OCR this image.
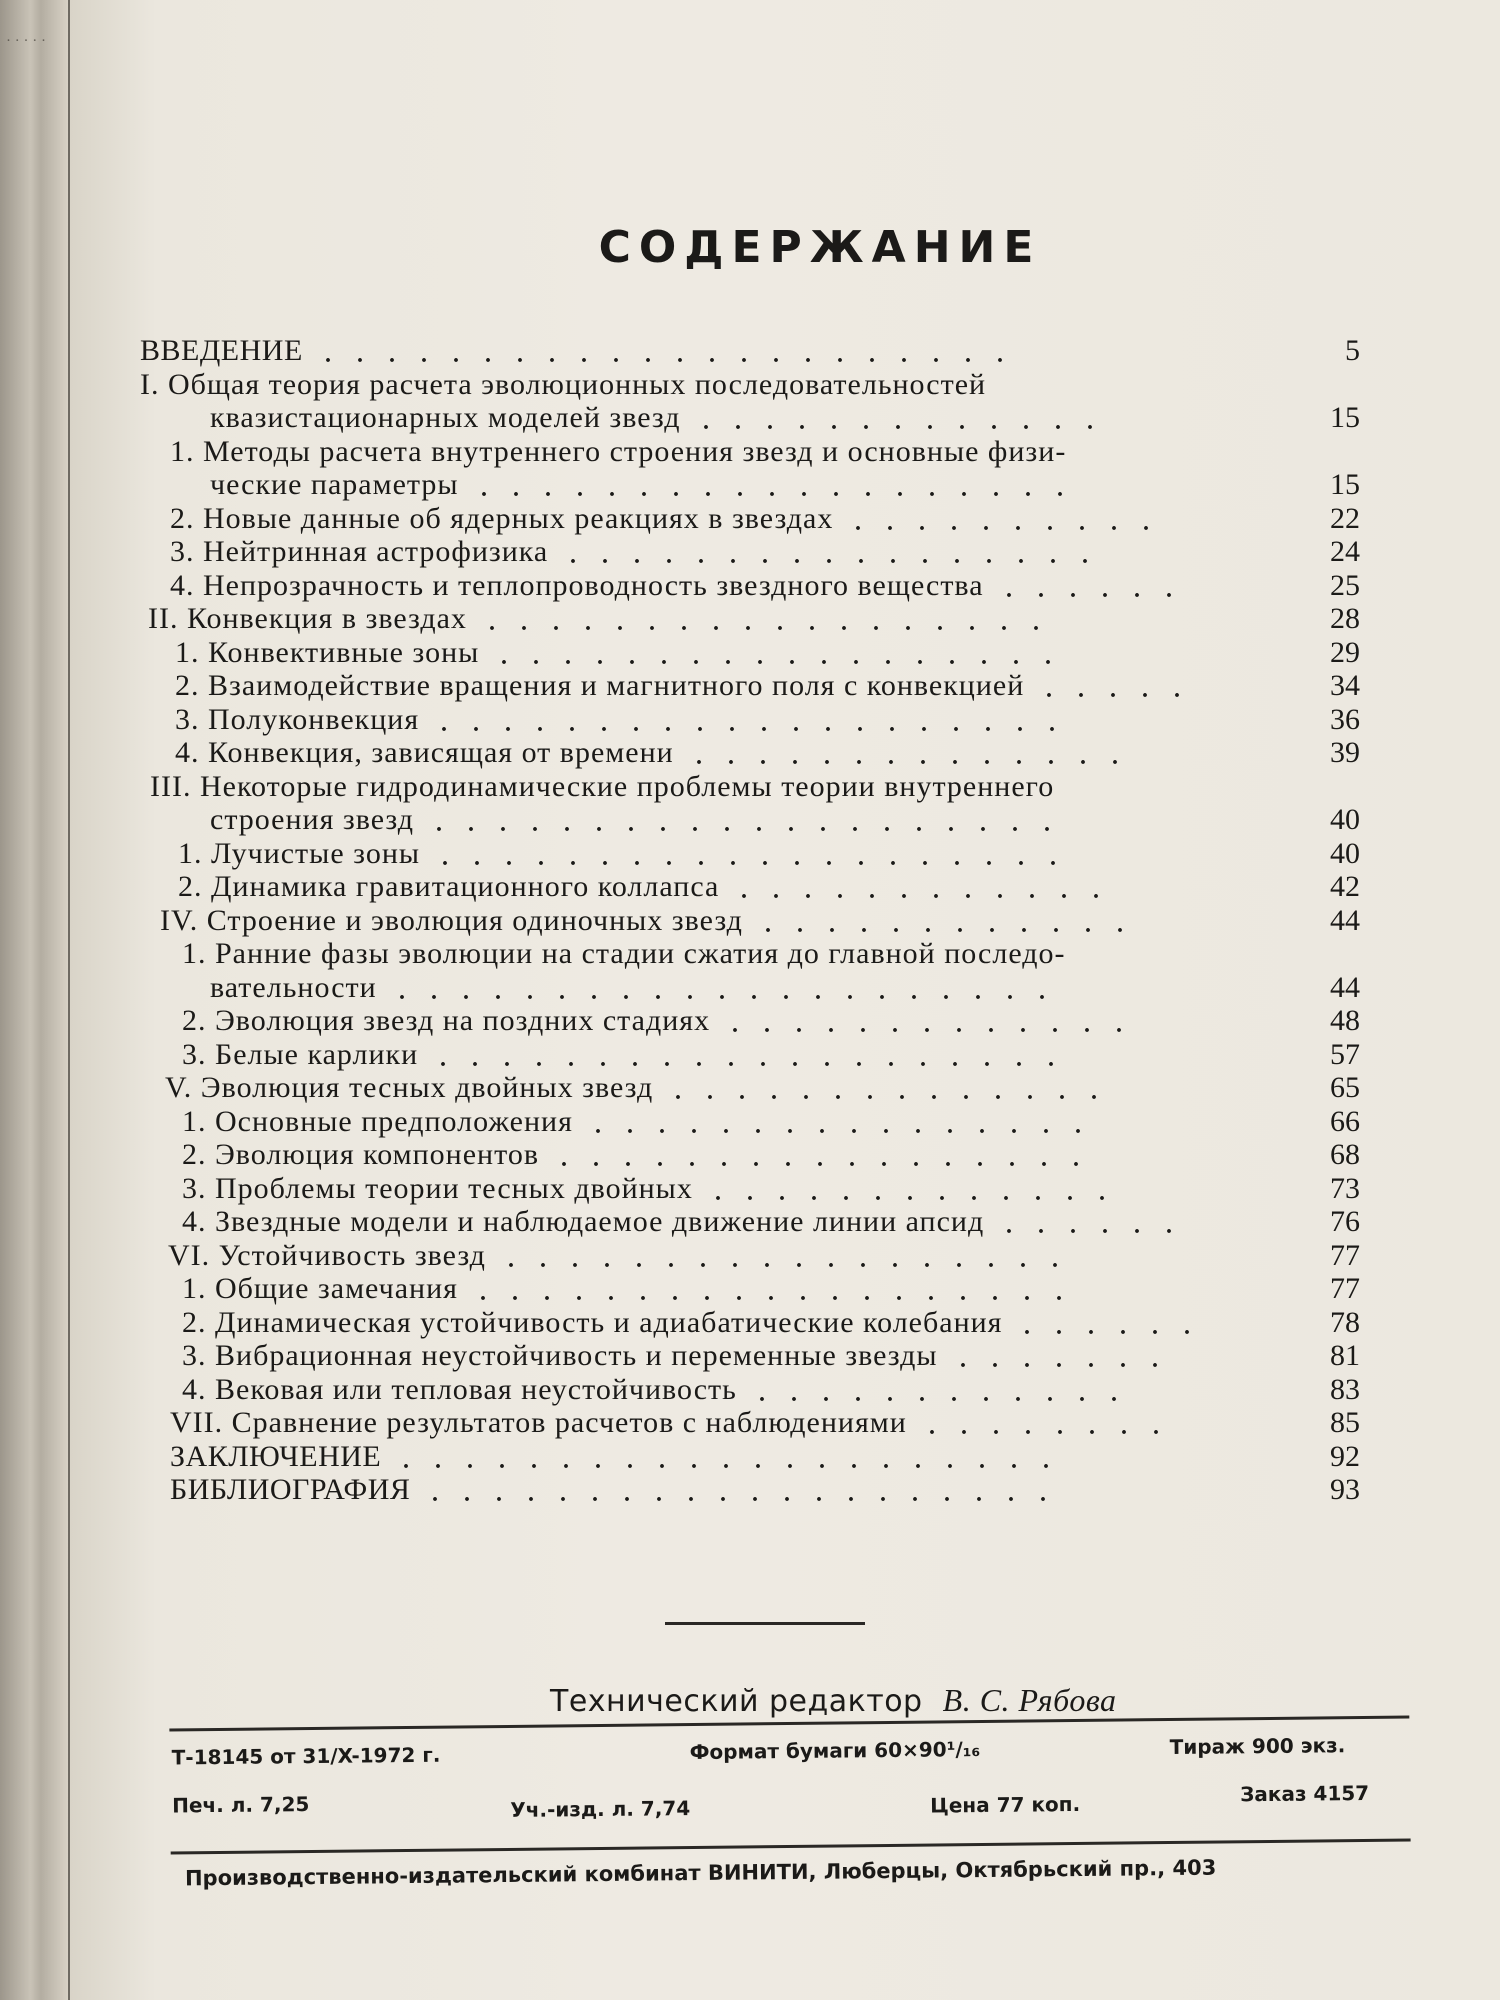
· · · · ·
СОДЕРЖАНИЕ
ВВЕДЕНИЕ ......................	5
I. Общая теория расчета эволюционных последовательностей
квазистационарных моделей звезд .............	15
1. Методы расчета внутреннего строения звезд и основные физи-
ческие параметры ...................	15
2. Новые данные об ядерных реакциях в звездах ..........	22
3. Нейтринная астрофизика .................	24
4. Непрозрачность и теплопроводность звездного вещества ......	25
II. Конвекция в звездах ..................	28
1. Конвективные зоны ..................	29
2. Взаимодействие вращения и магнитного поля с конвекцией .....	34
3. Полуконвекция ....................	36
4. Конвекция, зависящая от времени ..............	39
III. Некоторые гидродинамические проблемы теории внутреннего
строения звезд ....................	40
1. Лучистые зоны ....................	40
2. Динамика гравитационного коллапса ............	42
IV. Строение и эволюция одиночных звезд ............	44
1. Ранние фазы эволюции на стадии сжатия до главной последо-
вательности .....................	44
2. Эволюция звезд на поздних стадиях .............	48
3. Белые карлики ....................	57
V. Эволюция тесных двойных звезд ..............	65
1. Основные предположения ................	66
2. Эволюция компонентов .................	68
3. Проблемы теории тесных двойных .............	73
4. Звездные модели и наблюдаемое движение линии апсид ......	76
VI. Устойчивость звезд ..................	77
1. Общие замечания ...................	77
2. Динамическая устойчивость и адиабатические колебания ......	78
3. Вибрационная неустойчивость и переменные звезды .......	81
4. Вековая или тепловая неустойчивость ............	83
VII. Сравнение результатов расчетов с наблюдениями ........	85
ЗАКЛЮЧЕНИЕ .....................	92
БИБЛИОГРАФИЯ ....................	93
Технический редактор В. С. Рябова
Т-18145 от 31/X-1972 г.	Формат бумаги 60×90¹/₁₆	Тираж 900 экз.
Печ. л. 7,25	Уч.-изд. л. 7,74	Цена 77 коп.	Заказ 4157
Производственно-издательский комбинат ВИНИТИ, Люберцы, Октябрьский пр., 403
